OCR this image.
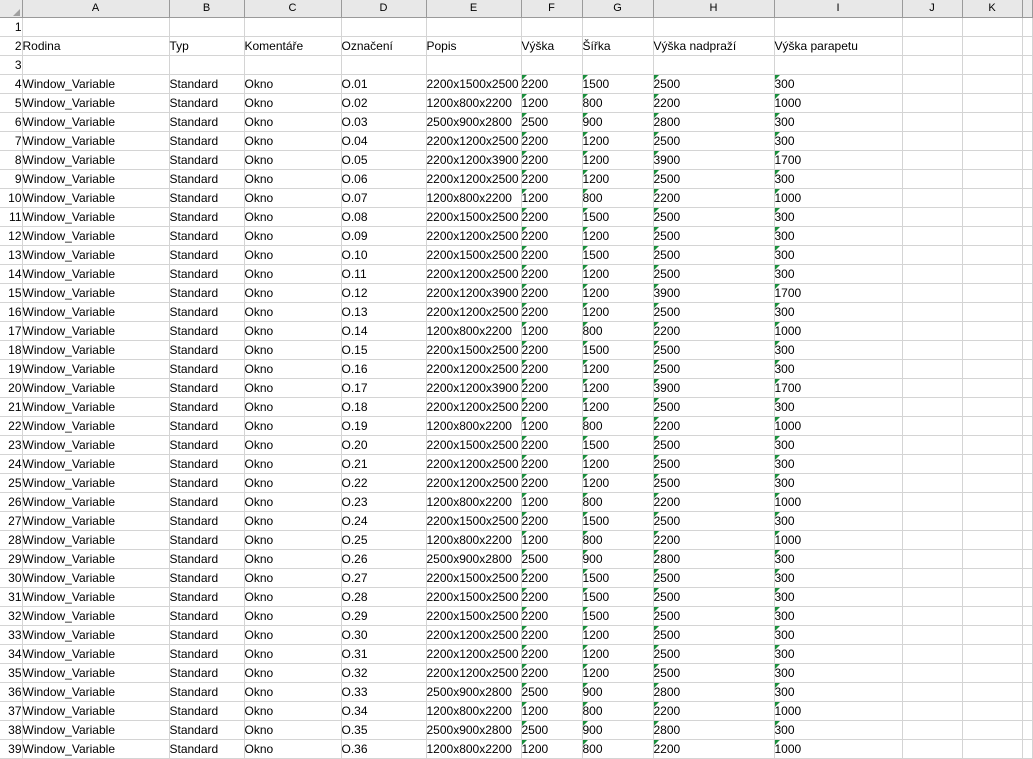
	A	B	C	D	E	F	G	H	I	J	K	

1												
2	Rodina	Typ	Komentáře	Označení	Popis	Výška	Šířka	Výška nadpraží	Výška parapetu			
3												
4	Window_Variable	Standard	Okno	O.01	2200x1500x2500	2200	1500	2500	300			
5	Window_Variable	Standard	Okno	O.02	1200x800x2200	1200	800	2200	1000			
6	Window_Variable	Standard	Okno	O.03	2500x900x2800	2500	900	2800	300			
7	Window_Variable	Standard	Okno	O.04	2200x1200x2500	2200	1200	2500	300			
8	Window_Variable	Standard	Okno	O.05	2200x1200x3900	2200	1200	3900	1700			
9	Window_Variable	Standard	Okno	O.06	2200x1200x2500	2200	1200	2500	300			
10	Window_Variable	Standard	Okno	O.07	1200x800x2200	1200	800	2200	1000			
11	Window_Variable	Standard	Okno	O.08	2200x1500x2500	2200	1500	2500	300			
12	Window_Variable	Standard	Okno	O.09	2200x1200x2500	2200	1200	2500	300			
13	Window_Variable	Standard	Okno	O.10	2200x1500x2500	2200	1500	2500	300			
14	Window_Variable	Standard	Okno	O.11	2200x1200x2500	2200	1200	2500	300			
15	Window_Variable	Standard	Okno	O.12	2200x1200x3900	2200	1200	3900	1700			
16	Window_Variable	Standard	Okno	O.13	2200x1200x2500	2200	1200	2500	300			
17	Window_Variable	Standard	Okno	O.14	1200x800x2200	1200	800	2200	1000			
18	Window_Variable	Standard	Okno	O.15	2200x1500x2500	2200	1500	2500	300			
19	Window_Variable	Standard	Okno	O.16	2200x1200x2500	2200	1200	2500	300			
20	Window_Variable	Standard	Okno	O.17	2200x1200x3900	2200	1200	3900	1700			
21	Window_Variable	Standard	Okno	O.18	2200x1200x2500	2200	1200	2500	300			
22	Window_Variable	Standard	Okno	O.19	1200x800x2200	1200	800	2200	1000			
23	Window_Variable	Standard	Okno	O.20	2200x1500x2500	2200	1500	2500	300			
24	Window_Variable	Standard	Okno	O.21	2200x1200x2500	2200	1200	2500	300			
25	Window_Variable	Standard	Okno	O.22	2200x1200x2500	2200	1200	2500	300			
26	Window_Variable	Standard	Okno	O.23	1200x800x2200	1200	800	2200	1000			
27	Window_Variable	Standard	Okno	O.24	2200x1500x2500	2200	1500	2500	300			
28	Window_Variable	Standard	Okno	O.25	1200x800x2200	1200	800	2200	1000			
29	Window_Variable	Standard	Okno	O.26	2500x900x2800	2500	900	2800	300			
30	Window_Variable	Standard	Okno	O.27	2200x1500x2500	2200	1500	2500	300			
31	Window_Variable	Standard	Okno	O.28	2200x1500x2500	2200	1500	2500	300			
32	Window_Variable	Standard	Okno	O.29	2200x1500x2500	2200	1500	2500	300			
33	Window_Variable	Standard	Okno	O.30	2200x1200x2500	2200	1200	2500	300			
34	Window_Variable	Standard	Okno	O.31	2200x1200x2500	2200	1200	2500	300			
35	Window_Variable	Standard	Okno	O.32	2200x1200x2500	2200	1200	2500	300			
36	Window_Variable	Standard	Okno	O.33	2500x900x2800	2500	900	2800	300			
37	Window_Variable	Standard	Okno	O.34	1200x800x2200	1200	800	2200	1000			
38	Window_Variable	Standard	Okno	O.35	2500x900x2800	2500	900	2800	300			
39	Window_Variable	Standard	Okno	O.36	1200x800x2200	1200	800	2200	1000			
